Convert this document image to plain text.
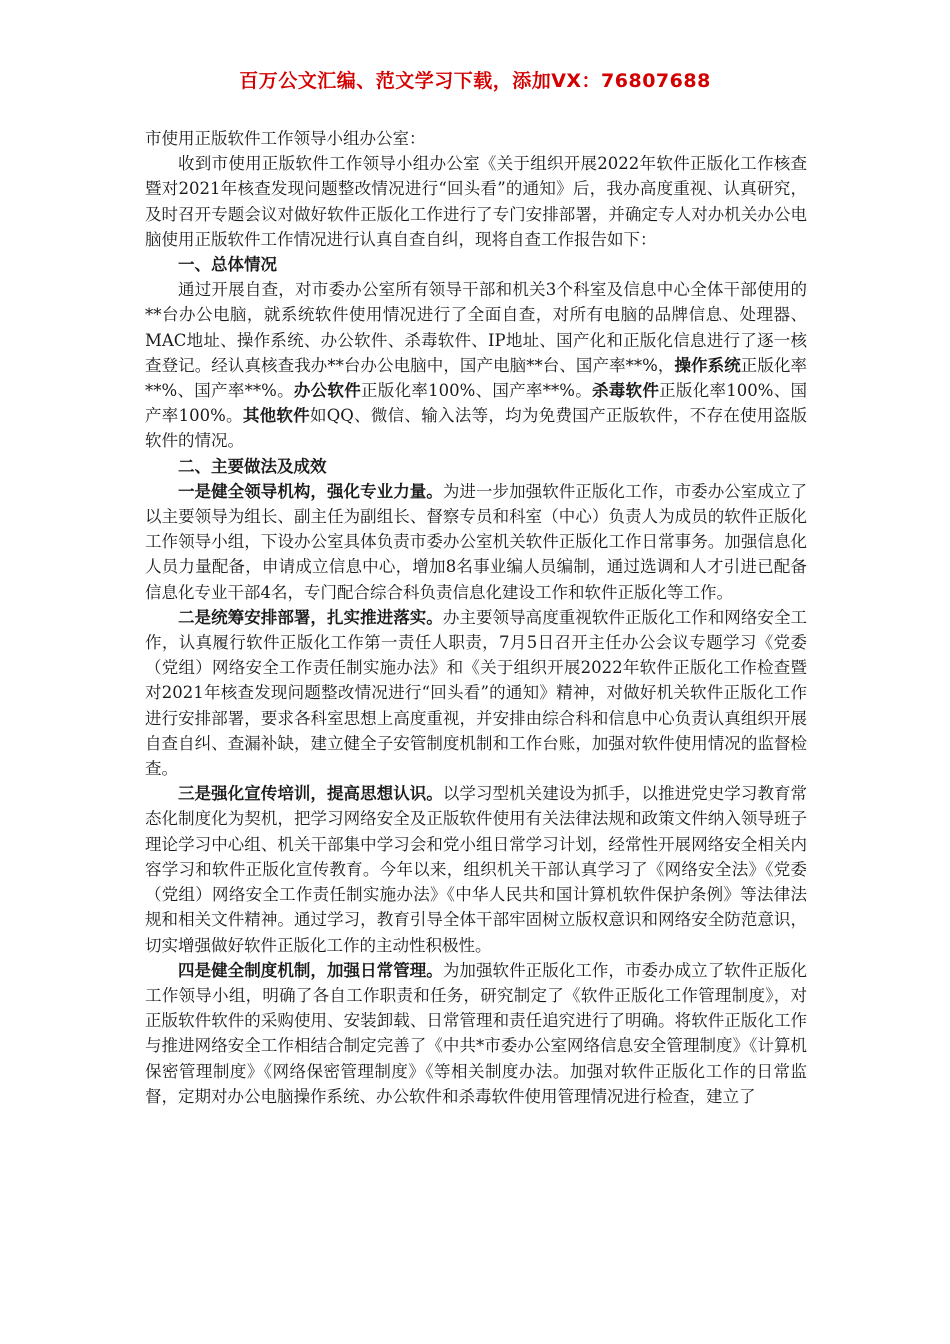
百万公文汇编、范文学习下载，添加VX：76807688

市使用正版软件工作领导小组办公室：

收到市使用正版软件工作领导小组办公室《关于组织开展2022年软件正版化工作核查暨对2021年核查发现问题整改情况进行“回头看”的通知》后，我办高度重视、认真研究，及时召开专题会议对做好软件正版化工作进行了专门安排部署，并确定专人对办机关办公电脑使用正版软件工作情况进行认真自查自纠，现将自查工作报告如下：

一、总体情况

通过开展自查，对市委办公室所有领导干部和机关3个科室及信息中心全体干部使用的**台办公电脑，就系统软件使用情况进行了全面自查，对所有电脑的品牌信息、处理器、MAC地址、操作系统、办公软件、杀毒软件、IP地址、国产化和正版化信息进行了逐一核查登记。经认真核查我办**台办公电脑中，国产电脑**台、国产率**%，操作系统正版化率**%、国产率**%。办公软件正版化率100%、国产率**%。杀毒软件正版化率100%、国产率100%。其他软件如QQ、微信、输入法等，均为免费国产正版软件，不存在使用盗版软件的情况。

二、主要做法及成效

一是健全领导机构，强化专业力量。为进一步加强软件正版化工作，市委办公室成立了以主要领导为组长、副主任为副组长、督察专员和科室（中心）负责人为成员的软件正版化工作领导小组，下设办公室具体负责市委办公室机关软件正版化工作日常事务。加强信息化人员力量配备，申请成立信息中心，增加8名事业编人员编制，通过选调和人才引进已配备信息化专业干部4名，专门配合综合科负责信息化建设工作和软件正版化等工作。

二是统筹安排部署，扎实推进落实。办主要领导高度重视软件正版化工作和网络安全工作，认真履行软件正版化工作第一责任人职责，7月5日召开主任办公会议专题学习《党委（党组）网络安全工作责任制实施办法》和《关于组织开展2022年软件正版化工作检查暨对2021年核查发现问题整改情况进行“回头看”的通知》精神，对做好机关软件正版化工作进行安排部署，要求各科室思想上高度重视，并安排由综合科和信息中心负责认真组织开展自查自纠、查漏补缺，建立健全子安管制度机制和工作台账，加强对软件使用情况的监督检查。

三是强化宣传培训，提高思想认识。以学习型机关建设为抓手，以推进党史学习教育常态化制度化为契机，把学习网络安全及正版软件使用有关法律法规和政策文件纳入领导班子理论学习中心组、机关干部集中学习会和党小组日常学习计划，经常性开展网络安全相关内容学习和软件正版化宣传教育。今年以来，组织机关干部认真学习了《网络安全法》《党委（党组）网络安全工作责任制实施办法》《中华人民共和国计算机软件保护条例》等法律法规和相关文件精神。通过学习，教育引导全体干部牢固树立版权意识和网络安全防范意识，切实增强做好软件正版化工作的主动性积极性。

四是健全制度机制，加强日常管理。为加强软件正版化工作，市委办成立了软件正版化工作领导小组，明确了各自工作职责和任务，研究制定了《软件正版化工作管理制度》，对正版软件软件的采购使用、安装卸载、日常管理和责任追究进行了明确。将软件正版化工作与推进网络安全工作相结合制定完善了《中共*市委办公室网络信息安全管理制度》《计算机保密管理制度》《网络保密管理制度》《等相关制度办法。加强对软件正版化工作的日常监督，定期对办公电脑操作系统、办公软件和杀毒软件使用管理情况进行检查，建立了
